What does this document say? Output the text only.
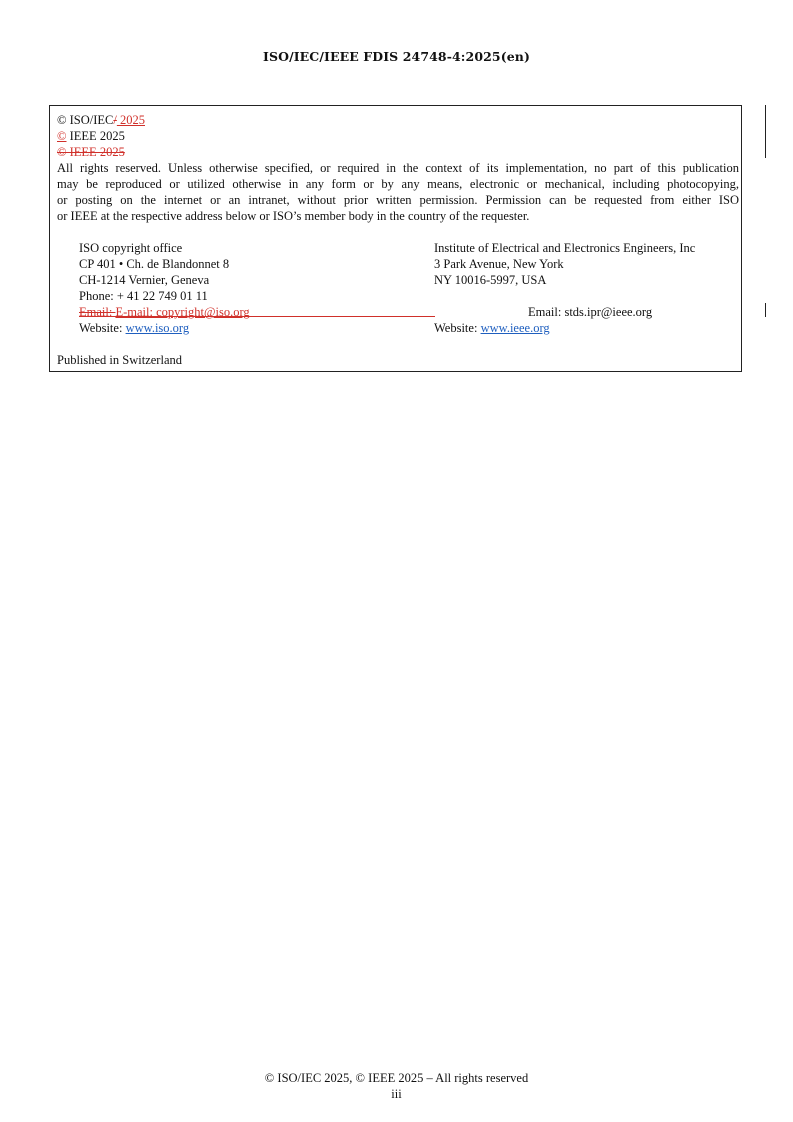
ISO/IEC/IEEE FDIS 24748-4:2025(en)
© ISO/IEC/ 2025
© IEEE 2025
© IEEE 2025
All rights reserved. Unless otherwise specified, or required in the context of its implementation, no part of this publication
may be reproduced or utilized otherwise in any form or by any means, electronic or mechanical, including photocopying,
or posting on the internet or an intranet, without prior written permission. Permission can be requested from either ISO
or IEEE at the respective address below or ISO’s member body in the country of the requester.
ISO copyright office
CP 401 • Ch. de Blandonnet 8
CH-1214 Vernier, Geneva
Phone: + 41 22 749 01 11
Email: E-mail: copyright@iso.org
Website: www.iso.org
Institute of Electrical and Electronics Engineers, Inc
3 Park Avenue, New York
NY 10016-5997, USA
Email: stds.ipr@ieee.org
Website: www.ieee.org
Published in Switzerland
© ISO/IEC 2025, © IEEE 2025 – All rights reserved
iii
